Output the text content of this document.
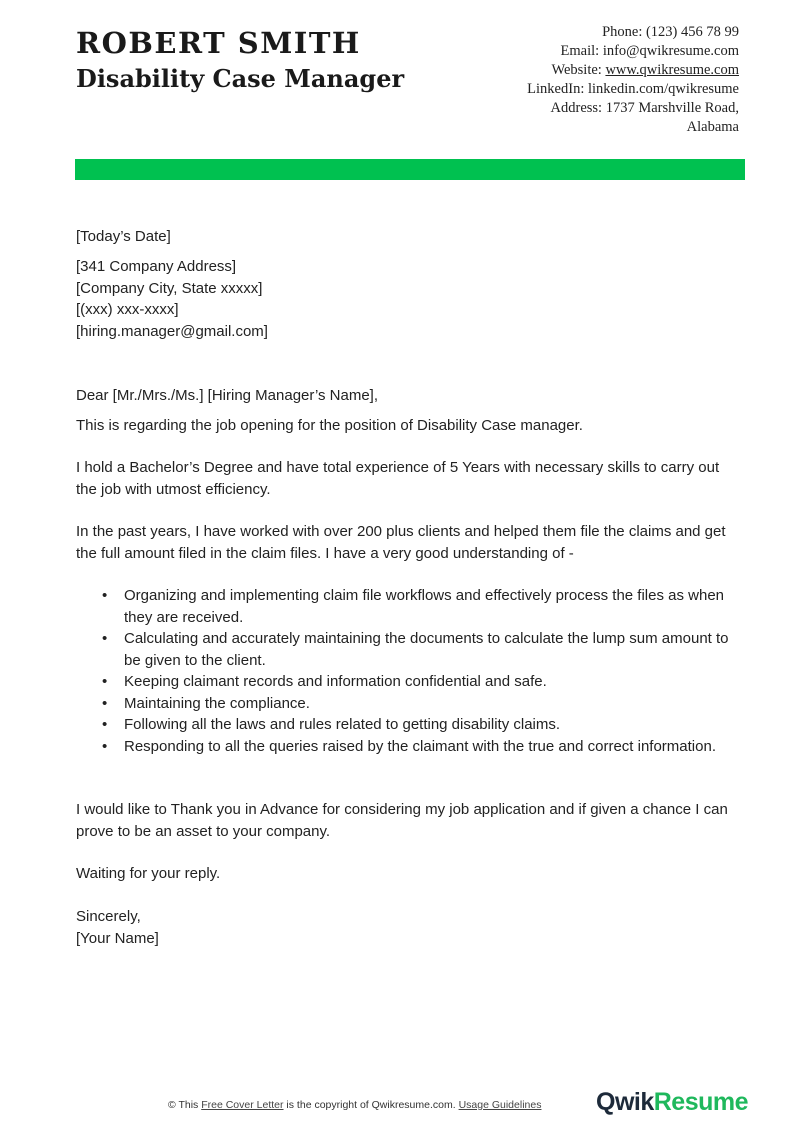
ROBERT SMITH
Disability Case Manager
Phone: (123) 456 78 99
Email: info@qwikresume.com
Website: www.qwikresume.com
LinkedIn: linkedin.com/qwikresume
Address: 1737 Marshville Road,
Alabama
[Today’s Date]
[341 Company Address]
[Company City, State xxxxx]
[(xxx) xxx-xxxx]
[hiring.manager@gmail.com]
Dear [Mr./Mrs./Ms.] [Hiring Manager’s Name],
This is regarding the job opening for the position of Disability Case manager.
I hold a Bachelor’s Degree and have total experience of 5 Years with necessary skills to carry out the job with utmost efficiency.
In the past years, I have worked with over 200 plus clients and helped them file the claims and get the full amount filed in the claim files. I have a very good understanding of -
• Organizing and implementing claim file workflows and effectively process the files as when they are received.
• Calculating and accurately maintaining the documents to calculate the lump sum amount to be given to the client.
• Keeping claimant records and information confidential and safe.
• Maintaining the compliance.
• Following all the laws and rules related to getting disability claims.
• Responding to all the queries raised by the claimant with the true and correct information.
I would like to Thank you in Advance for considering my job application and if given a chance I can prove to be an asset to your company.
Waiting for your reply.
Sincerely,
[Your Name]
© This Free Cover Letter is the copyright of Qwikresume.com. Usage Guidelines QwikResume
